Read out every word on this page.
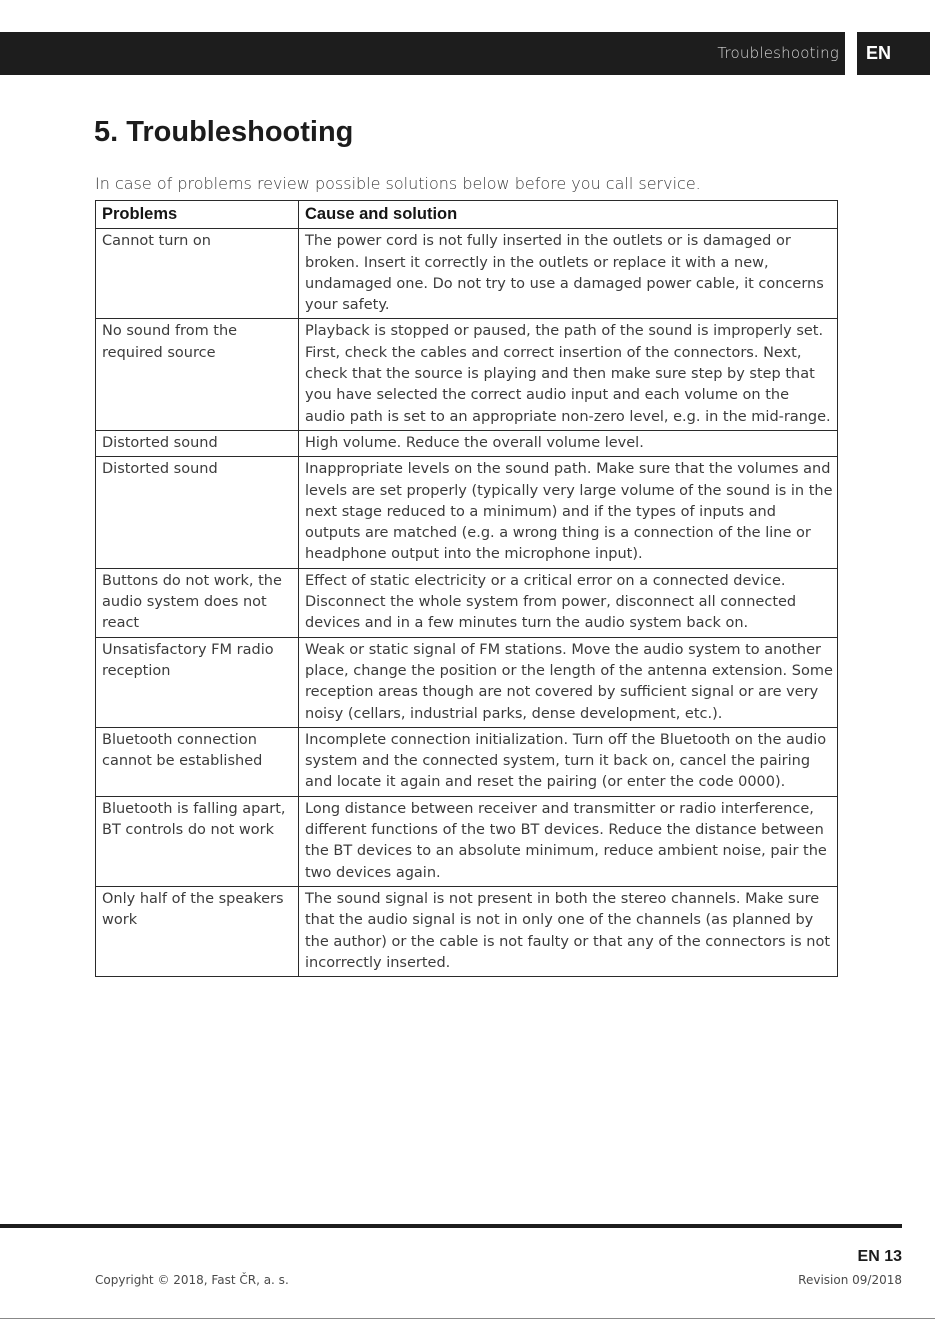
Troubleshooting	EN
5. Troubleshooting

In case of problems review possible solutions below before you call service.

Problems	Cause and solution
Cannot turn on	The power cord is not fully inserted in the outlets or is damaged or broken. Insert it correctly in the outlets or replace it with a new, undamaged one. Do not try to use a damaged power cable, it concerns your safety.
No sound from the required source	Playback is stopped or paused, the path of the sound is improperly set. First, check the cables and correct insertion of the connectors. Next, check that the source is playing and then make sure step by step that you have selected the correct audio input and each volume on the audio path is set to an appropriate non-zero level, e.g. in the mid-range.
Distorted sound	High volume. Reduce the overall volume level.
Distorted sound	Inappropriate levels on the sound path. Make sure that the volumes and levels are set properly (typically very large volume of the sound is in the next stage reduced to a minimum) and if the types of inputs and outputs are matched (e.g. a wrong thing is a connection of the line or headphone output into the microphone input).
Buttons do not work, the audio system does not react	Effect of static electricity or a critical error on a connected device. Disconnect the whole system from power, disconnect all connected devices and in a few minutes turn the audio system back on.
Unsatisfactory FM radio reception	Weak or static signal of FM stations. Move the audio system to another place, change the position or the length of the antenna extension. Some reception areas though are not covered by sufficient signal or are very noisy (cellars, industrial parks, dense development, etc.).
Bluetooth connection cannot be established	Incomplete connection initialization. Turn off the Bluetooth on the audio system and the connected system, turn it back on, cancel the pairing and locate it again and reset the pairing (or enter the code 0000).
Bluetooth is falling apart, BT controls do not work	Long distance between receiver and transmitter or radio interference, different functions of the two BT devices. Reduce the distance between the BT devices to an absolute minimum, reduce ambient noise, pair the two devices again.
Only half of the speakers work	The sound signal is not present in both the stereo channels. Make sure that the audio signal is not in only one of the channels (as planned by the author) or the cable is not faulty or that any of the connectors is not incorrectly inserted.
EN 13
Copyright © 2018, Fast ČR, a. s.	Revision 09/2018
